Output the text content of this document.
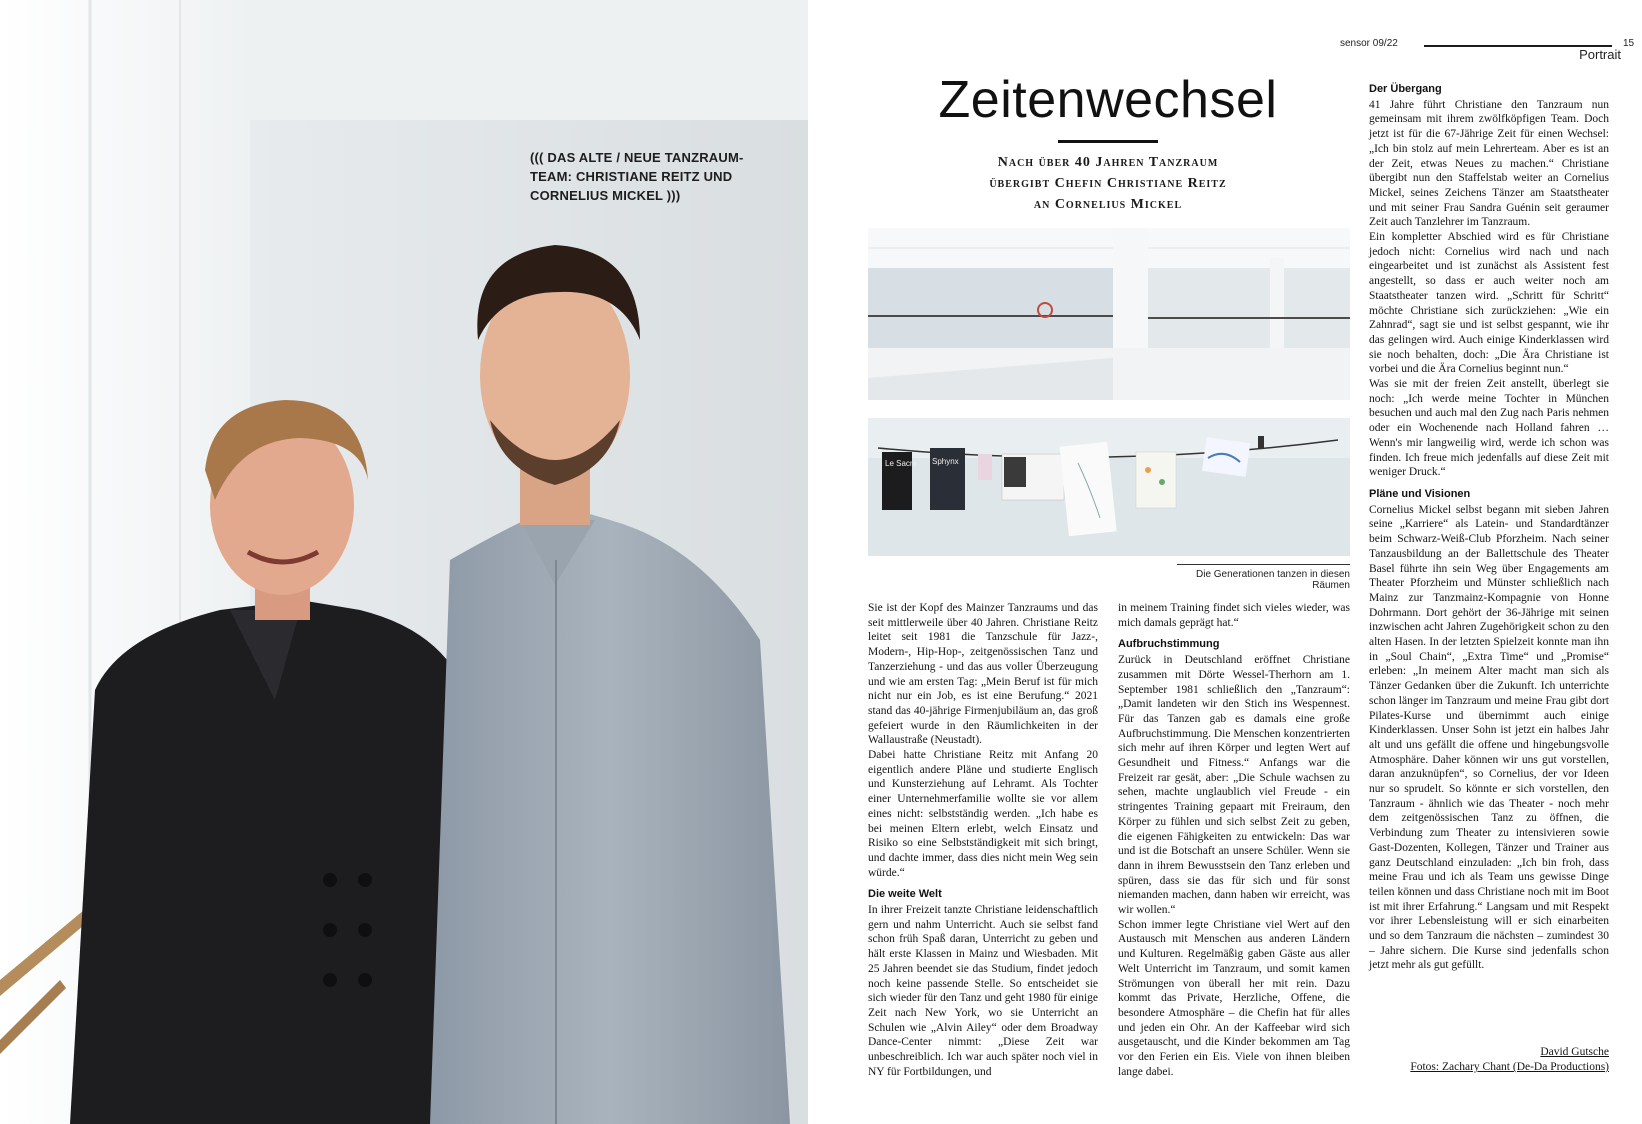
((( DAS ALTE / NEUE TANZRAUM-TEAM: CHRISTIANE REITZ UND CORNELIUS MICKEL )))
sensor 09/22	15
Portrait
Zeitenwechsel
Nach über 40 Jahren Tanzraum
übergibt Chefin Christiane Reitz
an Cornelius Mickel
Le Sacre Sphynx
Die Generationen tanzen in diesen Räumen

Sie ist der Kopf des Mainzer Tanzraums und das seit mittlerweile über 40 Jahren. Christiane Reitz leitet seit 1981 die Tanzschule für Jazz-, Modern-, Hip-Hop-, zeitgenössischen Tanz und Tanzerziehung - und das aus voller Überzeugung und wie am ersten Tag: „Mein Beruf ist für mich nicht nur ein Job, es ist eine Berufung.“ 2021 stand das 40-jährige Firmenjubiläum an, das groß gefeiert wurde in den Räumlichkeiten in der Wallaustraße (Neustadt).

Dabei hatte Christiane Reitz mit Anfang 20 eigentlich andere Pläne und studierte Englisch und Kunsterziehung auf Lehramt. Als Tochter einer Unternehmerfamilie wollte sie vor allem eines nicht: selbstständig werden. „Ich habe es bei meinen Eltern erlebt, welch Einsatz und Risiko so eine Selbstständigkeit mit sich bringt, und dachte immer, dass dies nicht mein Weg sein würde.“

Die weite Welt

In ihrer Freizeit tanzte Christiane leidenschaftlich gern und nahm Unterricht. Auch sie selbst fand schon früh Spaß daran, Unterricht zu geben und hält erste Klassen in Mainz und Wiesbaden. Mit 25 Jahren beendet sie das Studium, findet jedoch noch keine passende Stelle. So entscheidet sie sich wieder für den Tanz und geht 1980 für einige Zeit nach New York, wo sie Unterricht an Schulen wie „Alvin Ailey“ oder dem Broadway Dance-Center nimmt: „Diese Zeit war unbeschreiblich. Ich war auch später noch viel in NY für Fortbildungen, und

in meinem Training findet sich vieles wieder, was mich damals geprägt hat.“

Aufbruchstimmung

Zurück in Deutschland eröffnet Christiane zusammen mit Dörte Wessel-Therhorn am 1. September 1981 schließlich den „Tanzraum“: „Damit landeten wir den Stich ins Wespennest. Für das Tanzen gab es damals eine große Aufbruchstimmung. Die Menschen konzentrierten sich mehr auf ihren Körper und legten Wert auf Gesundheit und Fitness.“ Anfangs war die Freizeit rar gesät, aber: „Die Schule wachsen zu sehen, machte unglaublich viel Freude - ein stringentes Training gepaart mit Freiraum, den Körper zu fühlen und sich selbst Zeit zu geben, die eigenen Fähigkeiten zu entwickeln: Das war und ist die Botschaft an unsere Schüler. Wenn sie dann in ihrem Bewusstsein den Tanz erleben und spüren, dass sie das für sich und für sonst niemanden machen, dann haben wir erreicht, was wir wollen.“

Schon immer legte Christiane viel Wert auf den Austausch mit Menschen aus anderen Ländern und Kulturen. Regelmäßig gaben Gäste aus aller Welt Unterricht im Tanzraum, und somit kamen Strömungen von überall her mit rein. Dazu kommt das Private, Herzliche, Offene, die besondere Atmosphäre – die Chefin hat für alles und jeden ein Ohr. An der Kaffeebar wird sich ausgetauscht, und die Kinder bekommen am Tag vor den Ferien ein Eis. Viele von ihnen bleiben lange dabei.

Der Übergang

41 Jahre führt Christiane den Tanzraum nun gemeinsam mit ihrem zwölfköpfigen Team. Doch jetzt ist für die 67-Jährige Zeit für einen Wechsel: „Ich bin stolz auf mein Lehrerteam. Aber es ist an der Zeit, etwas Neues zu machen.“ Christiane übergibt nun den Staffelstab weiter an Cornelius Mickel, seines Zeichens Tänzer am Staatstheater und mit seiner Frau Sandra Guénin seit geraumer Zeit auch Tanzlehrer im Tanzraum.

Ein kompletter Abschied wird es für Christiane jedoch nicht: Cornelius wird nach und nach eingearbeitet und ist zunächst als Assistent fest angestellt, so dass er auch weiter noch am Staatstheater tanzen wird. „Schritt für Schritt“ möchte Christiane sich zurückziehen: „Wie ein Zahnrad“, sagt sie und ist selbst gespannt, wie ihr das gelingen wird. Auch einige Kinderklassen wird sie noch behalten, doch: „Die Ära Christiane ist vorbei und die Ära Cornelius beginnt nun.“

Was sie mit der freien Zeit anstellt, überlegt sie noch: „Ich werde meine Tochter in München besuchen und auch mal den Zug nach Paris nehmen oder ein Wochenende nach Holland fahren … Wenn's mir langweilig wird, werde ich schon was finden. Ich freue mich jedenfalls auf diese Zeit mit weniger Druck.“

Pläne und Visionen

Cornelius Mickel selbst begann mit sieben Jahren seine „Karriere“ als Latein- und Standardtänzer beim Schwarz-Weiß-Club Pforzheim. Nach seiner Tanzausbildung an der Ballettschule des Theater Basel führte ihn sein Weg über Engagements am Theater Pforzheim und Münster schließlich nach Mainz zur Tanzmainz-Kompagnie von Honne Dohrmann. Dort gehört der 36-Jährige mit seinen inzwischen acht Jahren Zugehörigkeit schon zu den alten Hasen. In der letzten Spielzeit konnte man ihn in „Soul Chain“, „Extra Time“ und „Promise“ erleben: „In meinem Alter macht man sich als Tänzer Gedanken über die Zukunft. Ich unterrichte schon länger im Tanzraum und meine Frau gibt dort Pilates-Kurse und übernimmt auch einige Kinderklassen. Unser Sohn ist jetzt ein halbes Jahr alt und uns gefällt die offene und hingebungsvolle Atmosphäre. Daher können wir uns gut vorstellen, daran anzuknüpfen“, so Cornelius, der vor Ideen nur so sprudelt. So könnte er sich vorstellen, den Tanzraum - ähnlich wie das Theater - noch mehr dem zeitgenössischen Tanz zu öffnen, die Verbindung zum Theater zu intensivieren sowie Gast-Dozenten, Kollegen, Tänzer und Trainer aus ganz Deutschland einzuladen: „Ich bin froh, dass meine Frau und ich als Team uns gewisse Dinge teilen können und dass Christiane noch mit im Boot ist mit ihrer Erfahrung.“ Langsam und mit Respekt vor ihrer Lebensleistung will er sich einarbeiten und so dem Tanzraum die nächsten – zumindest 30 – Jahre sichern. Die Kurse sind jedenfalls schon jetzt mehr als gut gefüllt.

David Gutsche
Fotos: Zachary Chant (De-Da Productions)
